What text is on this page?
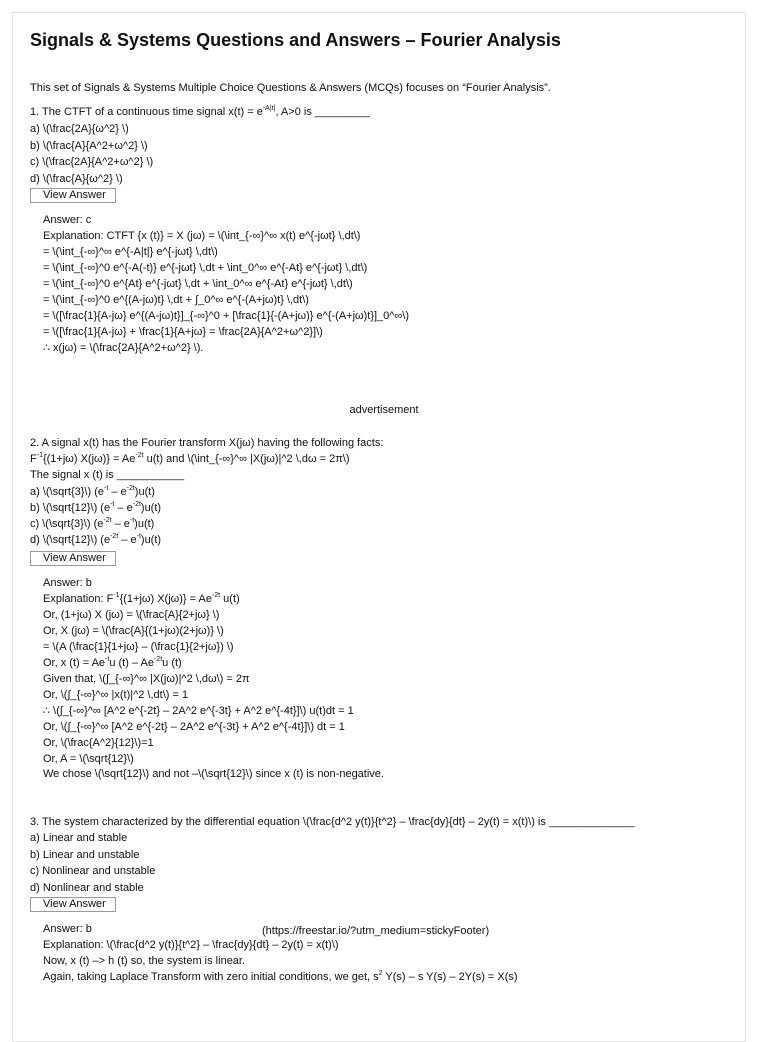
Signals & Systems Questions and Answers – Fourier Analysis
This set of Signals & Systems Multiple Choice Questions & Answers (MCQs) focuses on “Fourier Analysis”.
1. The CTFT of a continuous time signal $x(t) = e^{-A|t|}$, A>0 is _________
a) \(\frac{2A}{ω^2} \)
b) \(\frac{A}{A^2+ω^2} \)
c) \(\frac{2A}{A^2+ω^2} \)
d) \(\frac{A}{ω^2} \)
View Answer
Answer: c
Explanation: CTFT {x (t)} = X (jω) = \(\int_{-∞}^∞ x(t) e^{-jωt} \,dt\)
= \(\int_{-∞}^∞ e^{-A|t|} e^{-jωt} \,dt\)
= \(\int_{-∞}^0 e^{-A(-t)} e^{-jωt} \,dt + \int_0^∞ e^{-At} e^{-jωt} \,dt\)
= \(\int_{-∞}^0 e^{At} e^{-jωt} \,dt + \int_0^∞ e^{-At} e^{-jωt} \,dt\)
= \(\int_{-∞}^0 e^{(A-jω)t} \,dt + ∫_0^∞ e^{-(A+jω)t} \,dt\)
= \([\frac{1}{A-jω} e^{(A-jω)t}]_{-∞}^0 + [\frac{1}{-(A+jω)} e^{-(A+jω)t}]_0^∞\)
= \([\frac{1}{A-jω} + \frac{1}{A+jω} = \frac{2A}{A^2+ω^2}]\)
∴ x(jω) = \(\frac{2A}{A^2+ω^2} \).
advertisement
2. A signal x(t) has the Fourier transform X(jω) having the following facts:
$F^{-1}\{(1+j\omega) X(j\omega)\} = Ae^{-2t}$ u(t) and \(\int_{-∞}^∞ |X(jω)|^2 \,dω = 2π\)
The signal x (t) is ___________
a) \(\sqrt{3}\) $(e^{-t} - e^{-2t})u(t)$
b) \(\sqrt{12}\) $(e^{-t} - e^{-2t})u(t)$
c) \(\sqrt{3}\) $(e^{-2t} - e^{-t})u(t)$
d) \(\sqrt{12}\) $(e^{-2t} - e^{-t})u(t)$
View Answer
Answer: b
Explanation: $F^{-1}\{(1+j\omega) X(j\omega)\} = Ae^{-2t}$ u(t)
Or, (1+jω) X (jω) = \(\frac{A}{2+jω} \)
Or, X (jω) = \(\frac{A}{(1+jω)(2+jω)} \)
= \(A (\frac{1}{1+jω} – (\frac{1}{2+jω}) \)
Or, x $(t) = Ae^{-t}u$ $(t) - Ae^{-2t}u$ (t)
Given that, \(∫_{-∞}^∞ |X(jω)|^2 \,dω\) = 2π
Or, \(∫_{-∞}^∞ |x(t)|^2 \,dt\) = 1
∴ \(∫_{-∞}^∞ [A^2 e^{-2t} – 2A^2 e^{-3t} + A^2 e^{-4t}]\) u(t)dt = 1
Or, \(∫_{-∞}^∞ [A^2 e^{-2t} – 2A^2 e^{-3t} + A^2 e^{-4t}]\) dt = 1
Or, \(\frac{A^2}{12}\)=1
Or, A = \(\sqrt{12}\)
We chose \(\sqrt{12}\) and not –\(\sqrt{12}\) since x (t) is non-negative.
3. The system characterized by the differential equation \(\frac{d^2 y(t)}{t^2} – \frac{dy}{dt} – 2y(t) = x(t)\) is ______________
a) Linear and stable
b) Linear and unstable
c) Nonlinear and unstable
d) Nonlinear and stable
View Answer
Answer: b	(https://freestar.io/?utm_medium=stickyFooter)
Explanation: \(\frac{d^2 y(t)}{t^2} – \frac{dy}{dt} – 2y(t) = x(t)\)
Now, x (t) –> h (t) so, the system is linear.
Again, taking Laplace Transform with zero initial conditions, we get, $s^2$ Y(s) – s Y(s) – 2Y(s) = X(s)
